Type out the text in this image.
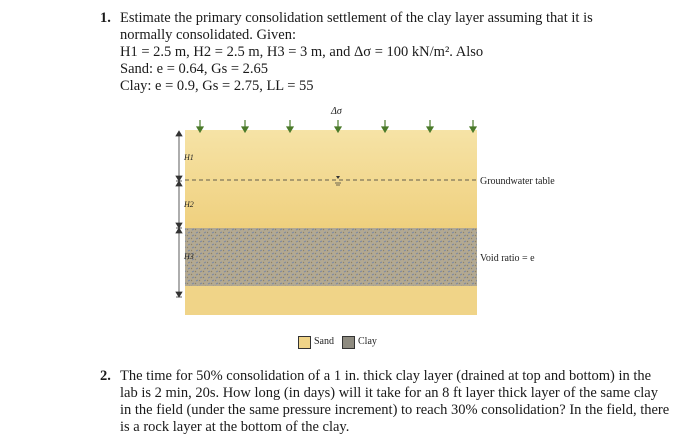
1. Estimate the primary consolidation settlement of the clay layer assuming that it is
normally consolidated. Given:
H1 = 2.5 m, H2 = 2.5 m, H3 = 3 m, and Δσ = 100 kN/m². Also
Sand: e = 0.64, Gs = 2.65
Clay: e = 0.9, Gs = 2.75, LL = 55
Δσ
H1
H2
H3
Groundwater table
Void ratio = e
Sand Clay
2. The time for 50% consolidation of a 1 in. thick clay layer (drained at top and bottom) in the lab is 2 min, 20s. How long (in days) will it take for an 8 ft layer thick layer of the same clay in the field (under the same pressure increment) to reach 30% consolidation? In the field, there is a rock layer at the bottom of the clay.
